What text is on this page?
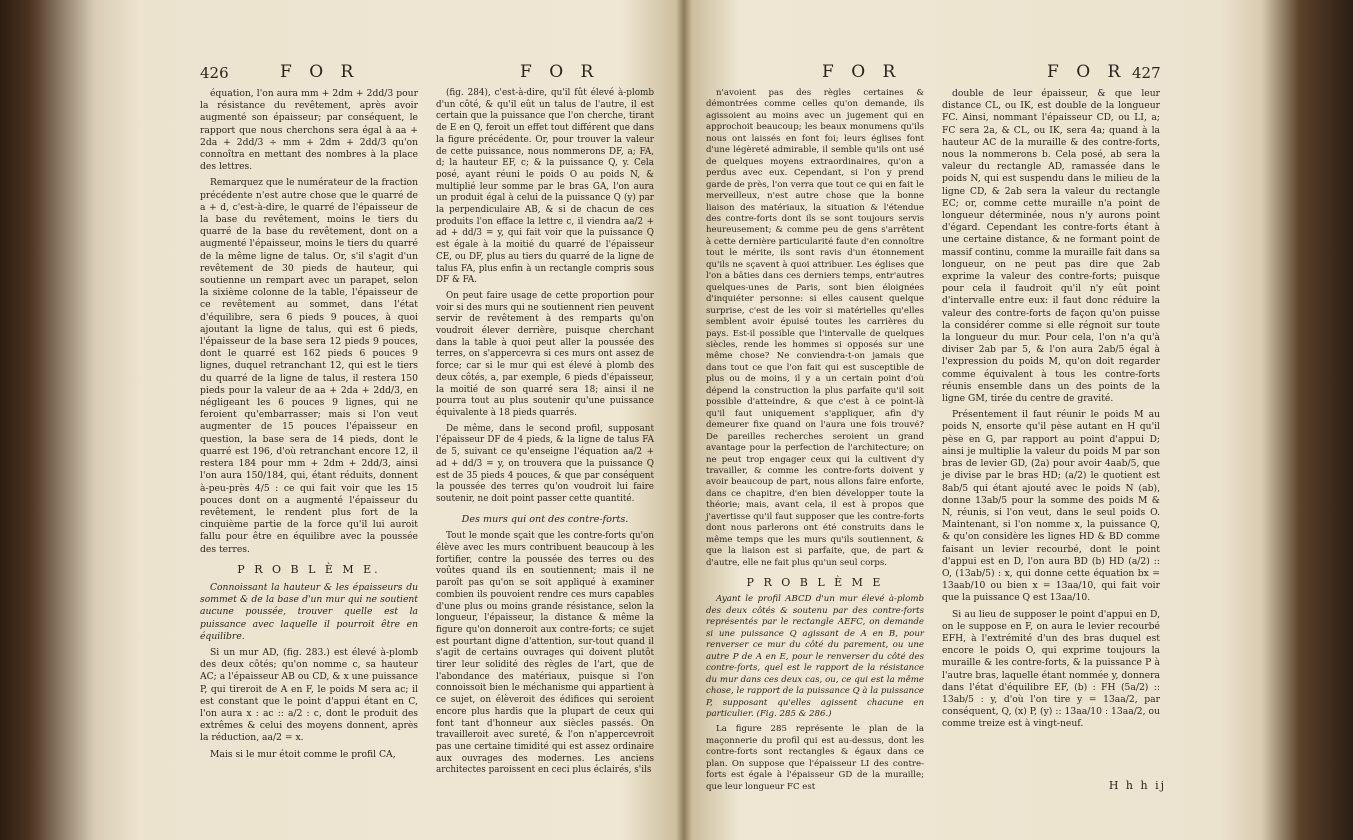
426	F O R	F O R

équation, l'on aura mm + 2dm + 2dd/3 pour la résistance du revêtement, après avoir augmenté son épaisseur; par conséquent, le rapport que nous cherchons sera égal à aa + 2da + 2dd/3 ÷ mm + 2dm + 2dd/3 qu'on connoîtra en mettant des nombres à la place des lettres.

Remarquez que le numérateur de la fraction précédente n'est autre chose que le quarré de a + d, c'est-à-dire, le quarré de l'épaisseur de la base du revêtement, moins le tiers du quarré de la base du revêtement, dont on a augmenté l'épaisseur, moins le tiers du quarré de la même ligne de talus. Or, s'il s'agit d'un revêtement de 30 pieds de hauteur, qui soutienne un rempart avec un parapet, selon la sixième colonne de la table, l'épaisseur de ce revêtement au sommet, dans l'état d'équilibre, sera 6 pieds 9 pouces, à quoi ajoutant la ligne de talus, qui est 6 pieds, l'épaisseur de la base sera 12 pieds 9 pouces, dont le quarré est 162 pieds 6 pouces 9 lignes, duquel retranchant 12, qui est le tiers du quarré de la ligne de talus, il restera 150 pieds pour la valeur de aa + 2da + 2dd/3, en négligeant les 6 pouces 9 lignes, qui ne feroient qu'embarrasser; mais si l'on veut augmenter de 15 pouces l'épaisseur en question, la base sera de 14 pieds, dont le quarré est 196, d'où retranchant encore 12, il restera 184 pour mm + 2dm + 2dd/3, ainsi l'on aura 150/184, qui, étant réduits, donnent à-peu-près 4/5 : ce qui fait voir que les 15 pouces dont on a augmenté l'épaisseur du revêtement, le rendent plus fort de la cinquième partie de la force qu'il lui auroit fallu pour être en équilibre avec la poussée des terres.

P R O B L È M E.

Connoissant la hauteur & les épaisseurs du sommet & de la base d'un mur qui ne soutient aucune poussée, trouver quelle est la puissance avec laquelle il pourroit être en équilibre.

Si un mur AD, (fig. 283.) est élevé à-plomb des deux côtés; qu'on nomme c, sa hauteur AC; a l'épaisseur AB ou CD, & x une puissance P, qui tireroit de A en F, le poids M sera ac; il est constant que le point d'appui étant en C, l'on aura x : ac :: a/2 : c, dont le produit des extrêmes & celui des moyens donnent, après la réduction, aa/2 = x.

Mais si le mur étoit comme le profil CA,

(fig. 284), c'est-à-dire, qu'il fût élevé à-plomb d'un côté, & qu'il eût un talus de l'autre, il est certain que la puissance que l'on cherche, tirant de E en Q, feroit un effet tout différent que dans la figure précédente. Or, pour trouver la valeur de cette puissance, nous nommerons DF, a; FA, d; la hauteur EF, c; & la puissance Q, y. Cela posé, ayant réuni le poids O au poids N, & multiplié leur somme par le bras GA, l'on aura un produit égal à celui de la puissance Q (y) par la perpendiculaire AB, & si de chacun de ces produits l'on efface la lettre c, il viendra aa/2 + ad + dd/3 = y, qui fait voir que la puissance Q est égale à la moitié du quarré de l'épaisseur CE, ou DF, plus au tiers du quarré de la ligne de talus FA, plus enfin à un rectangle compris sous DF & FA.

On peut faire usage de cette proportion pour voir si des murs qui ne soutiennent rien peuvent servir de revêtement à des remparts qu'on voudroit élever derrière, puisque cherchant dans la table à quoi peut aller la poussée des terres, on s'appercevra si ces murs ont assez de force; car si le mur qui est élevé à plomb des deux côtés, a, par exemple, 6 pieds d'épaisseur, la moitié de son quarré sera 18; ainsi il ne pourra tout au plus soutenir qu'une puissance équivalente à 18 pieds quarrés.

De même, dans le second profil, supposant l'épaisseur DF de 4 pieds, & la ligne de talus FA de 5, suivant ce qu'enseigne l'équation aa/2 + ad + dd/3 = y, on trouvera que la puissance Q est de 35 pieds 4 pouces, & que par conséquent la poussée des terres qu'on voudroit lui faire soutenir, ne doit point passer cette quantité.

Des murs qui ont des contre-forts.

Tout le monde sçait que les contre-forts qu'on élève avec les murs contribuent beaucoup à les fortifier, contre la poussée des terres ou des voûtes quand ils en soutiennent; mais il ne paroît pas qu'on se soit appliqué à examiner combien ils pouvoient rendre ces murs capables d'une plus ou moins grande résistance, selon la longueur, l'épaisseur, la distance & même la figure qu'on donneroit aux contre-forts; ce sujet est pourtant digne d'attention, sur-tout quand il s'agit de certains ouvrages qui doivent plutôt tirer leur solidité des règles de l'art, que de l'abondance des matériaux, puisque si l'on connoissoit bien le méchanisme qui appartient à ce sujet, on élèveroit des édifices qui seroient encore plus hardis que la plupart de ceux qui font tant d'honneur aux siècles passés. On travailleroit avec sureté, & l'on n'appercevroit pas une certaine timidité qui est assez ordinaire aux ouvrages des modernes. Les anciens architectes paroissent en ceci plus éclairés, s'ils

F O R	F O R 427

n'avoient pas des règles certaines & démontrées comme celles qu'on demande, ils agissoient au moins avec un jugement qui en approchoit beaucoup; les beaux monumens qu'ils nous ont laissés en font foi; leurs églises font d'une légèreté admirable, il semble qu'ils ont usé de quelques moyens extraordinaires, qu'on a perdus avec eux. Cependant, si l'on y prend garde de près, l'on verra que tout ce qui en fait le merveilleux, n'est autre chose que la bonne liaison des matériaux, la situation & l'étendue des contre-forts dont ils se sont toujours servis heureusement; & comme peu de gens s'arrêtent à cette dernière particularité faute d'en connoître tout le mérite, ils sont ravis d'un étonnement qu'ils ne sçavent à quoi attribuer. Les églises que l'on a bâties dans ces derniers temps, entr'autres quelques-unes de Paris, sont bien éloignées d'inquiéter personne: si elles causent quelque surprise, c'est de les voir si matérielles qu'elles semblent avoir épuisé toutes les carrières du pays. Est-il possible que l'intervalle de quelques siècles, rende les hommes si opposés sur une même chose? Ne conviendra-t-on jamais que dans tout ce que l'on fait qui est susceptible de plus ou de moins, il y a un certain point d'où dépend la construction la plus parfaite qu'il soit possible d'atteindre, & que c'est à ce point-là qu'il faut uniquement s'appliquer, afin d'y demeurer fixe quand on l'aura une fois trouvé? De pareilles recherches seroient un grand avantage pour la perfection de l'architecture; on ne peut trop engager ceux qui la cultivent d'y travailler, & comme les contre-forts doivent y avoir beaucoup de part, nous allons faire enforte, dans ce chapitre, d'en bien développer toute la théorie; mais, avant cela, il est à propos que j'avertisse qu'il faut supposer que les contre-forts dont nous parlerons ont été construits dans le même temps que les murs qu'ils soutiennent, & que la liaison est si parfaite, que, de part & d'autre, elle ne fait plus qu'un seul corps.

P R O B L È M E

Ayant le profil ABCD d'un mur élevé à-plomb des deux côtés & soutenu par des contre-forts représentés par le rectangle AEFC, on demande si une puissance Q agissant de A en B, pour renverser ce mur du côté du parement, ou une autre P de A en E, pour le renverser du côté des contre-forts, quel est le rapport de la résistance du mur dans ces deux cas, ou, ce qui est la même chose, le rapport de la puissance Q à la puissance P, supposant qu'elles agissent chacune en particulier. (Fig. 285 & 286.)

La figure 285 représente le plan de la maçonnerie du profil qui est au-dessus, dont les contre-forts sont rectangles & égaux dans ce plan. On suppose que l'épaisseur LI des contre-forts est égale à l'épaisseur GD de la muraille; que leur longueur FC est

double de leur épaisseur, & que leur distance CL, ou IK, est double de la longueur FC. Ainsi, nommant l'épaisseur CD, ou LI, a; FC sera 2a, & CL, ou IK, sera 4a; quand à la hauteur AC de la muraille & des contre-forts, nous la nommerons b. Cela posé, ab sera la valeur du rectangle AD, ramassée dans le poids N, qui est suspendu dans le milieu de la ligne CD, & 2ab sera la valeur du rectangle EC; or, comme cette muraille n'a point de longueur déterminée, nous n'y aurons point d'égard. Cependant les contre-forts étant à une certaine distance, & ne formant point de massif continu, comme la muraille fait dans sa longueur, on ne peut pas dire que 2ab exprime la valeur des contre-forts; puisque pour cela il faudroit qu'il n'y eût point d'intervalle entre eux: il faut donc réduire la valeur des contre-forts de façon qu'on puisse la considérer comme si elle régnoit sur toute la longueur du mur. Pour cela, l'on n'a qu'à diviser 2ab par 5, & l'on aura 2ab/5 égal à l'expression du poids M, qu'on doit regarder comme équivalent à tous les contre-forts réunis ensemble dans un des points de la ligne GM, tirée du centre de gravité.

Présentement il faut réunir le poids M au poids N, ensorte qu'il pèse autant en H qu'il pèse en G, par rapport au point d'appui D; ainsi je multiplie la valeur du poids M par son bras de levier GD, (2a) pour avoir 4aab/5, que je divise par le bras HD; (a/2) le quotient est 8ab/5 qui étant ajouté avec le poids N (ab), donne 13ab/5 pour la somme des poids M & N, réunis, si l'on veut, dans le seul poids O. Maintenant, si l'on nomme x, la puissance Q, & qu'on considère les lignes HD & BD comme faisant un levier recourbé, dont le point d'appui est en D, l'on aura BD (b) HD (a/2) :: O, (13ab/5) : x, qui donne cette équation bx = 13aab/10 ou bien x = 13aa/10, qui fait voir que la puissance Q est 13aa/10.

Si au lieu de supposer le point d'appui en D, on le suppose en F, on aura le levier recourbé EFH, à l'extrémité d'un des bras duquel est encore le poids O, qui exprime toujours la muraille & les contre-forts, & la puissance P à l'autre bras, laquelle étant nommée y, donnera dans l'état d'équilibre EF, (b) : FH (5a/2) :: 13ab/5 : y, d'où l'on tire y = 13aa/2, par conséquent, Q, (x) P, (y) :: 13aa/10 : 13aa/2, ou comme treize est à vingt-neuf.

H h h ij
